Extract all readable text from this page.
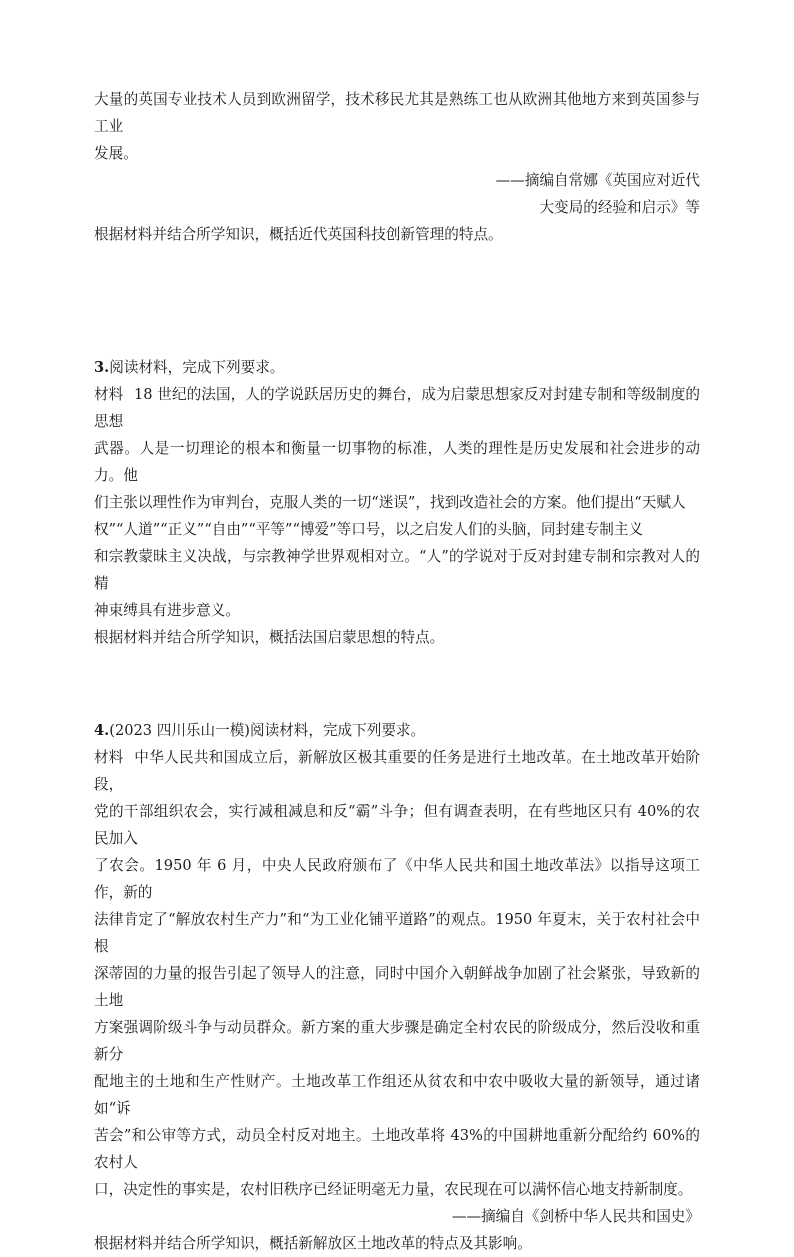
大量的英国专业技术人员到欧洲留学，技术移民尤其是熟练工也从欧洲其他地方来到英国参与工业

发展。

——摘编自常娜《英国应对近代

大变局的经验和启示》等

根据材料并结合所学知识，概括近代英国科技创新管理的特点。

3.阅读材料，完成下列要求。

材料 18 世纪的法国，人的学说跃居历史的舞台，成为启蒙思想家反对封建专制和等级制度的思想

武器。人是一切理论的根本和衡量一切事物的标准，人类的理性是历史发展和社会进步的动力。他

们主张以理性作为审判台，克服人类的一切“迷误”，找到改造社会的方案。他们提出“天赋人

权”“人道”“正义”“自由”“平等”“博爱”等口号，以之启发人们的头脑，同封建专制主义

和宗教蒙昧主义决战，与宗教神学世界观相对立。“人”的学说对于反对封建专制和宗教对人的精

神束缚具有进步意义。

根据材料并结合所学知识，概括法国启蒙思想的特点。

4.(2023 四川乐山一模)阅读材料，完成下列要求。

材料 中华人民共和国成立后，新解放区极其重要的任务是进行土地改革。在土地改革开始阶段，

党的干部组织农会，实行减租减息和反“霸”斗争；但有调查表明，在有些地区只有 40%的农民加入

了农会。1950 年 6 月，中央人民政府颁布了《中华人民共和国土地改革法》以指导这项工作，新的

法律肯定了“解放农村生产力”和“为工业化铺平道路”的观点。1950 年夏末，关于农村社会中根

深蒂固的力量的报告引起了领导人的注意，同时中国介入朝鲜战争加剧了社会紧张，导致新的土地

方案强调阶级斗争与动员群众。新方案的重大步骤是确定全村农民的阶级成分，然后没收和重新分

配地主的土地和生产性财产。土地改革工作组还从贫农和中农中吸收大量的新领导，通过诸如“诉

苦会”和公审等方式，动员全村反对地主。土地改革将 43%的中国耕地重新分配给约 60%的农村人

口，决定性的事实是，农村旧秩序已经证明毫无力量，农民现在可以满怀信心地支持新制度。

——摘编自《剑桥中华人民共和国史》

根据材料并结合所学知识，概括新解放区土地改革的特点及其影响。
